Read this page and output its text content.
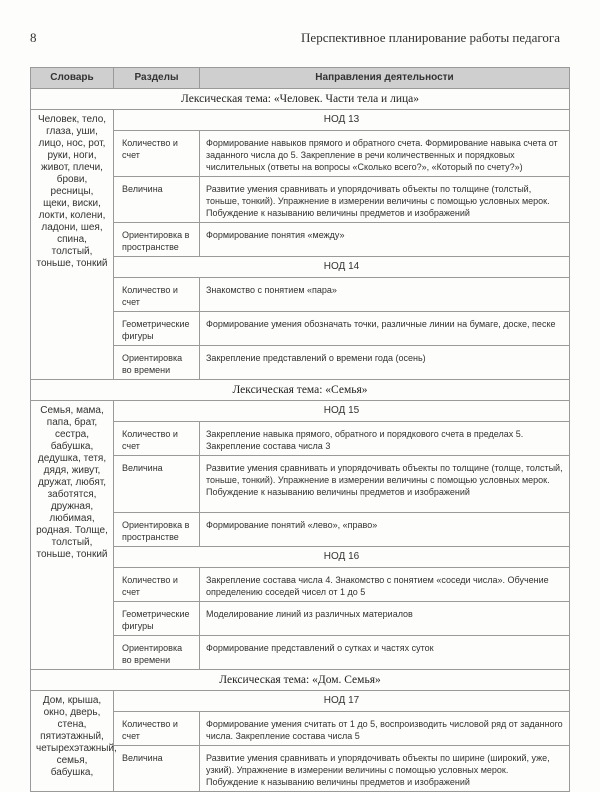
8	Перспективное планирование работы педагога
Словарь	Разделы	Направления деятельности
Лексическая тема: «Человек. Части тела и лица»		
Человек, тело, глаза, уши, лицо, нос, рот, руки, ноги, живот, плечи, брови, ресницы, щеки, виски, локти, колени, ладони, шея, спина, толстый, тоньше, тонкий	НОД 13	
	Количество и счет	Формирование навыков прямого и обратного счета. Формирование навыка счета от заданного числа до 5. Закрепление в речи количественных и порядковых числительных (ответы на вопросы «Сколько всего?», «Который по счету?»)
	Величина	Развитие умения сравнивать и упорядочивать объекты по толщине (толстый, тоньше, тонкий). Упражнение в измерении величины с помощью условных мерок. Побуждение к называнию величины предметов и изображений
	Ориентировка в пространстве	Формирование понятия «между»
	НОД 14	
	Количество и счет	Знакомство с понятием «пара»
	Геометрические фигуры	Формирование умения обозначать точки, различные линии на бумаге, доске, песке
	Ориентировка во времени	Закрепление представлений о времени года (осень)
Лексическая тема: «Семья»		
Семья, мама, папа, брат, сестра, бабушка, дедушка, тетя, дядя, живут, дружат, любят, заботятся, дружная, любимая, родная. Толще, толстый, тоньше, тонкий	НОД 15	
	Количество и счет	Закрепление навыка прямого, обратного и порядкового счета в пределах 5. Закрепление состава числа 3
	Величина	Развитие умения сравнивать и упорядочивать объекты по толщине (толще, толстый, тоньше, тонкий). Упражнение в измерении величины с помощью условных мерок. Побуждение к называнию величины предметов и изображений
	Ориентировка в пространстве	Формирование понятий «лево», «право»
	НОД 16	
	Количество и счет	Закрепление состава числа 4. Знакомство с понятием «соседи числа». Обучение определению соседей чисел от 1 до 5
	Геометрические фигуры	Моделирование линий из различных материалов
	Ориентировка во времени	Формирование представлений о сутках и частях суток
Лексическая тема: «Дом. Семья»		
Дом, крыша, окно, дверь, стена, пятиэтажный, четырехэтажный, семья, бабушка,	НОД 17	
	Количество и счет	Формирование умения считать от 1 до 5, воспроизводить числовой ряд от заданного числа. Закрепление состава числа 5
	Величина	Развитие умения сравнивать и упорядочивать объекты по ширине (широкий, уже, узкий). Упражнение в измерении величины с помощью условных мерок. Побуждение к называнию величины предметов и изображений
